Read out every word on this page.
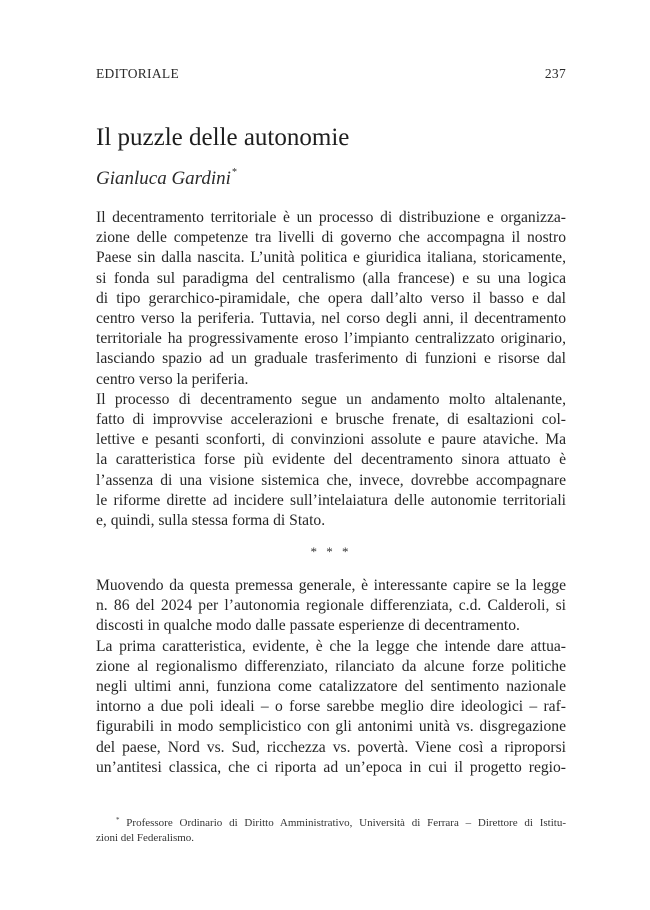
EDITORIALE	237
Il puzzle delle autonomie
Gianluca Gardini*
Il decentramento territoriale è un processo di distribuzione e organizza-
zione delle competenze tra livelli di governo che accompagna il nostro
Paese sin dalla nascita. L’unità politica e giuridica italiana, storicamente,
si fonda sul paradigma del centralismo (alla francese) e su una logica
di tipo gerarchico-piramidale, che opera dall’alto verso il basso e dal
centro verso la periferia. Tuttavia, nel corso degli anni, il decentramento
territoriale ha progressivamente eroso l’impianto centralizzato originario,
lasciando spazio ad un graduale trasferimento di funzioni e risorse dal
centro verso la periferia.
Il processo di decentramento segue un andamento molto altalenante,
fatto di improvvise accelerazioni e brusche frenate, di esaltazioni col-
lettive e pesanti sconforti, di convinzioni assolute e paure ataviche. Ma
la caratteristica forse più evidente del decentramento sinora attuato è
l’assenza di una visione sistemica che, invece, dovrebbe accompagnare
le riforme dirette ad incidere sull’intelaiatura delle autonomie territoriali
e, quindi, sulla stessa forma di Stato.
* * *
Muovendo da questa premessa generale, è interessante capire se la legge
n. 86 del 2024 per l’autonomia regionale differenziata, c.d. Calderoli, si
discosti in qualche modo dalle passate esperienze di decentramento.
La prima caratteristica, evidente, è che la legge che intende dare attua-
zione al regionalismo differenziato, rilanciato da alcune forze politiche
negli ultimi anni, funziona come catalizzatore del sentimento nazionale
intorno a due poli ideali – o forse sarebbe meglio dire ideologici – raf-
figurabili in modo semplicistico con gli antonimi unità vs. disgregazione
del paese, Nord vs. Sud, ricchezza vs. povertà. Viene così a riproporsi
un’antitesi classica, che ci riporta ad un’epoca in cui il progetto regio-
* Professore Ordinario di Diritto Amministrativo, Università di Ferrara – Direttore di Istitu-
zioni del Federalismo.
